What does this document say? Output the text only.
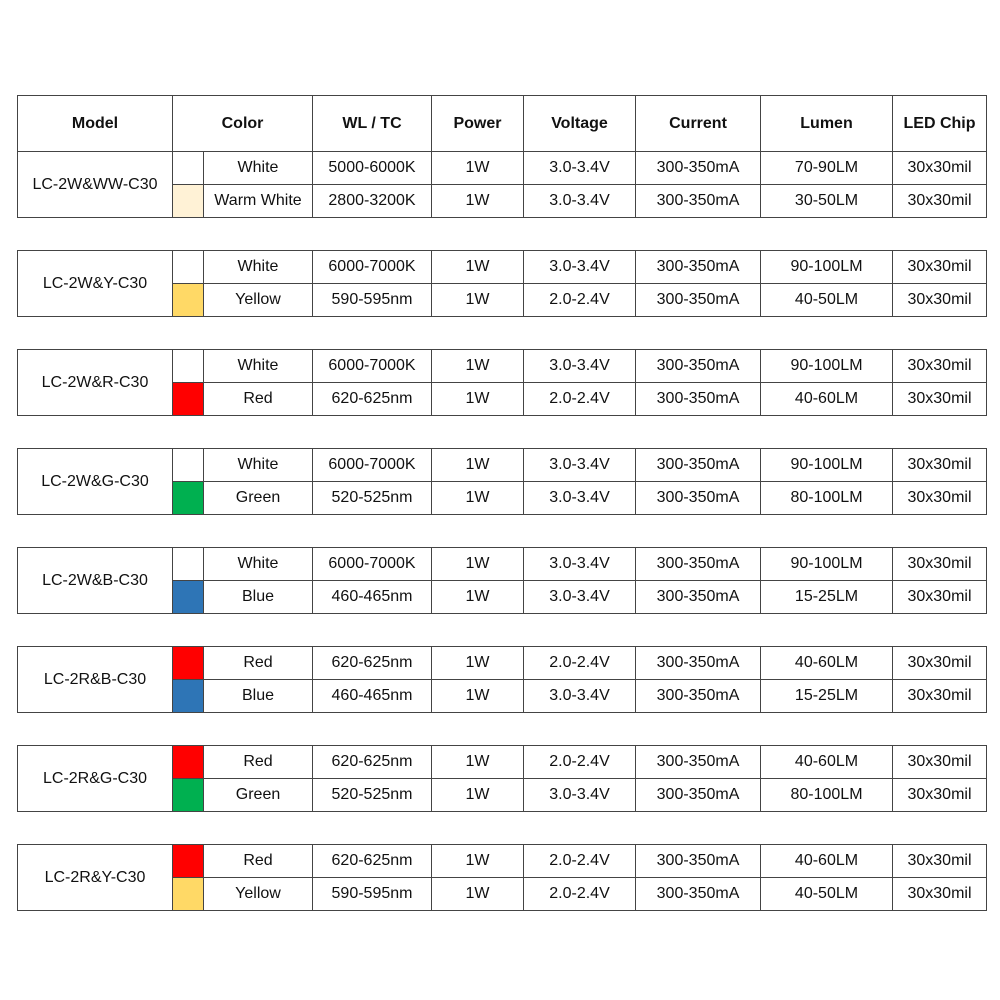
Model	Color	WL / TC	Power	Voltage	Current	Lumen	LED Chip
LC-2W&WW-C30		White	5000-6000K	1W	3.0-3.4V	300-350mA	70-90LM	30x30mil
		Warm White	2800-3200K	1W	3.0-3.4V	300-350mA	30-50LM	30x30mil
LC-2W&Y-C30		White	6000-7000K	1W	3.0-3.4V	300-350mA	90-100LM	30x30mil
		Yellow	590-595nm	1W	2.0-2.4V	300-350mA	40-50LM	30x30mil
LC-2W&R-C30		White	6000-7000K	1W	3.0-3.4V	300-350mA	90-100LM	30x30mil
		Red	620-625nm	1W	2.0-2.4V	300-350mA	40-60LM	30x30mil
LC-2W&G-C30		White	6000-7000K	1W	3.0-3.4V	300-350mA	90-100LM	30x30mil
		Green	520-525nm	1W	3.0-3.4V	300-350mA	80-100LM	30x30mil
LC-2W&B-C30		White	6000-7000K	1W	3.0-3.4V	300-350mA	90-100LM	30x30mil
		Blue	460-465nm	1W	3.0-3.4V	300-350mA	15-25LM	30x30mil
LC-2R&B-C30		Red	620-625nm	1W	2.0-2.4V	300-350mA	40-60LM	30x30mil
		Blue	460-465nm	1W	3.0-3.4V	300-350mA	15-25LM	30x30mil
LC-2R&G-C30		Red	620-625nm	1W	2.0-2.4V	300-350mA	40-60LM	30x30mil
		Green	520-525nm	1W	3.0-3.4V	300-350mA	80-100LM	30x30mil
LC-2R&Y-C30		Red	620-625nm	1W	2.0-2.4V	300-350mA	40-60LM	30x30mil
		Yellow	590-595nm	1W	2.0-2.4V	300-350mA	40-50LM	30x30mil
